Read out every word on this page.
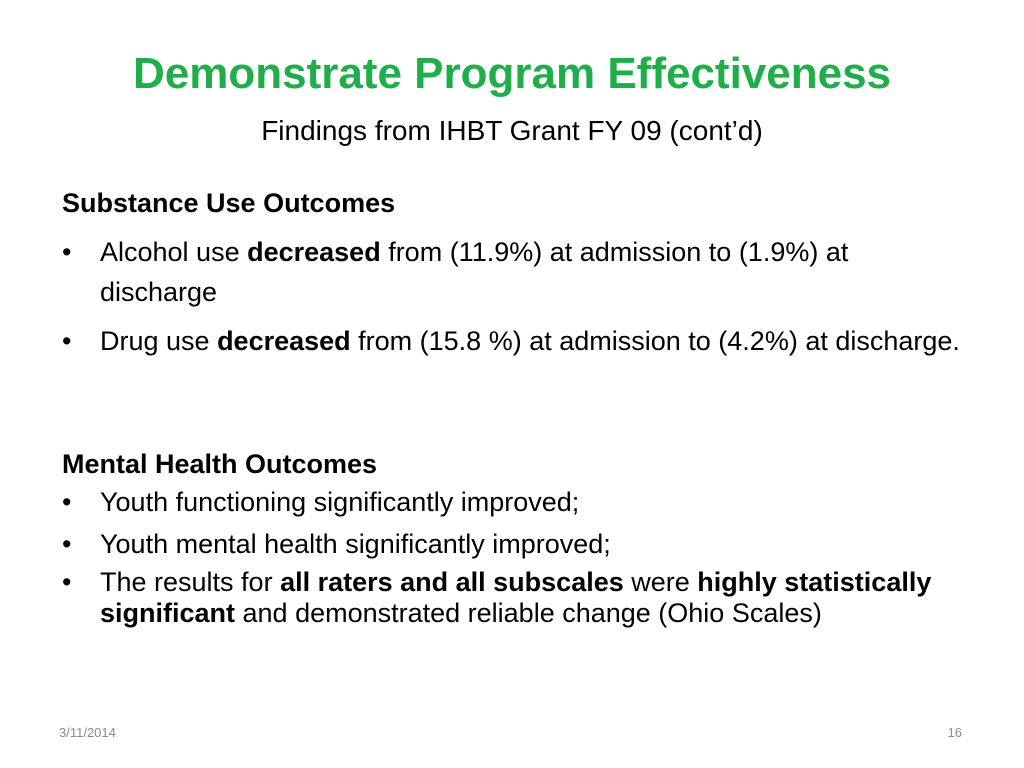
Demonstrate Program Effectiveness
Findings from IHBT Grant FY 09 (cont’d)
Substance Use Outcomes
•	Alcohol use decreased from (11.9%) at admission to (1.9%) at discharge
•	Drug use decreased from (15.8 %) at admission to (4.2%) at discharge.
Mental Health Outcomes
•	Youth functioning significantly improved;
•	Youth mental health significantly improved;
•	The results for all raters and all subscales were highly statistically significant and demonstrated reliable change (Ohio Scales)
3/11/2014	16
